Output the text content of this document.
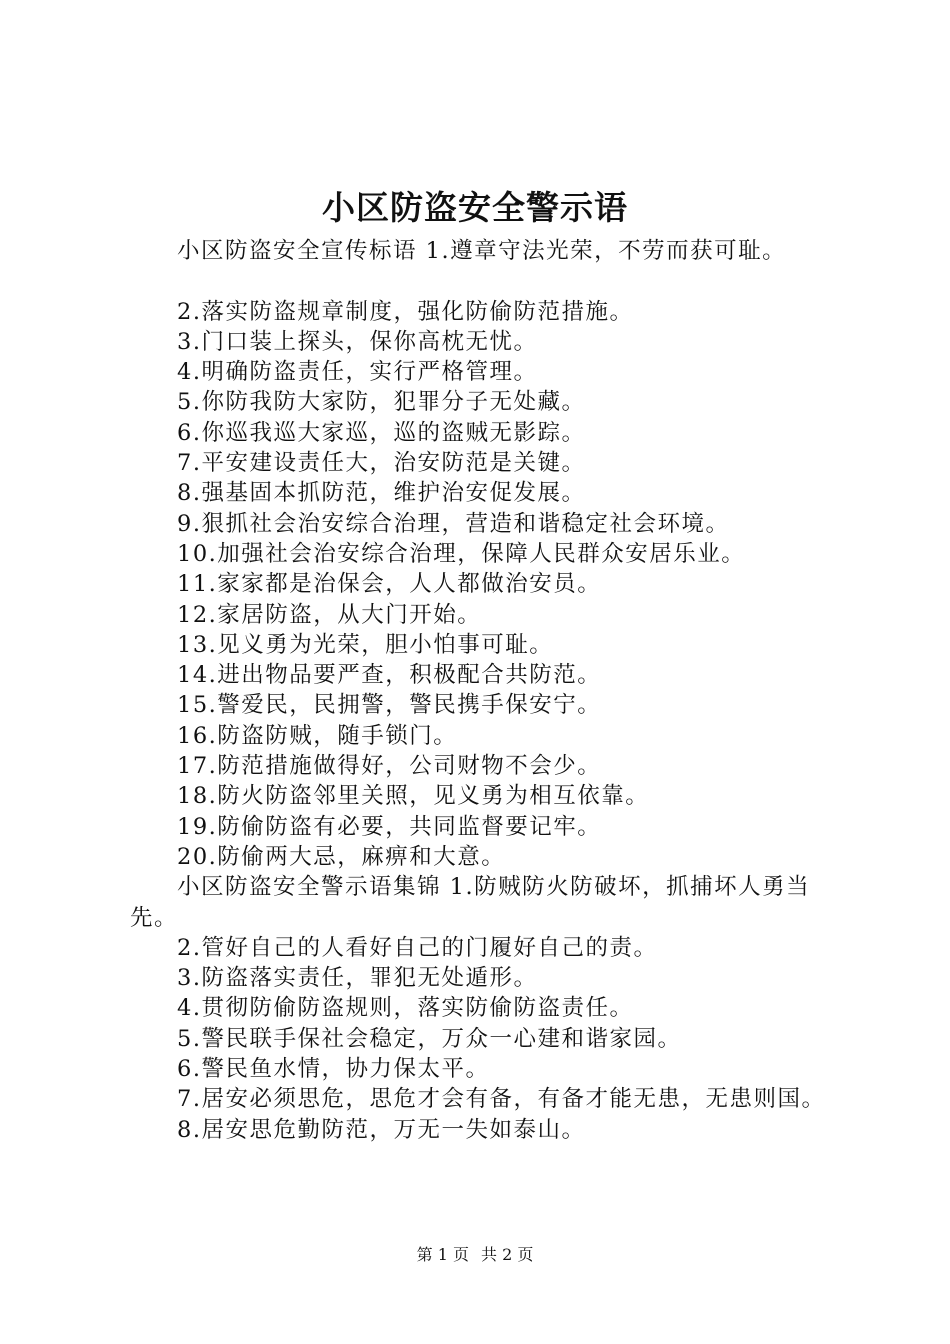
小区防盗安全警示语

小区防盗安全宣传标语 1.遵章守法光荣，不劳而获可耻。

2.落实防盗规章制度，强化防偷防范措施。

3.门口装上探头，保你高枕无忧。

4.明确防盗责任，实行严格管理。

5.你防我防大家防，犯罪分子无处藏。

6.你巡我巡大家巡，巡的盗贼无影踪。

7.平安建设责任大，治安防范是关键。

8.强基固本抓防范，维护治安促发展。

9.狠抓社会治安综合治理，营造和谐稳定社会环境。

10.加强社会治安综合治理，保障人民群众安居乐业。

11.家家都是治保会，人人都做治安员。

12.家居防盗，从大门开始。

13.见义勇为光荣，胆小怕事可耻。

14.进出物品要严查，积极配合共防范。

15.警爱民，民拥警，警民携手保安宁。

16.防盗防贼，随手锁门。

17.防范措施做得好，公司财物不会少。

18.防火防盗邻里关照，见义勇为相互依靠。

19.防偷防盗有必要，共同监督要记牢。

20.防偷两大忌，麻痹和大意。

小区防盗安全警示语集锦 1.防贼防火防破坏，抓捕坏人勇当先。

2.管好自己的人看好自己的门履好自己的责。

3.防盗落实责任，罪犯无处遁形。

4.贯彻防偷防盗规则，落实防偷防盗责任。

5.警民联手保社会稳定，万众一心建和谐家园。

6.警民鱼水情，协力保太平。

7.居安必须思危，思危才会有备，有备才能无患，无患则国。

8.居安思危勤防范，万无一失如泰山。

第 1 页 共 2 页
